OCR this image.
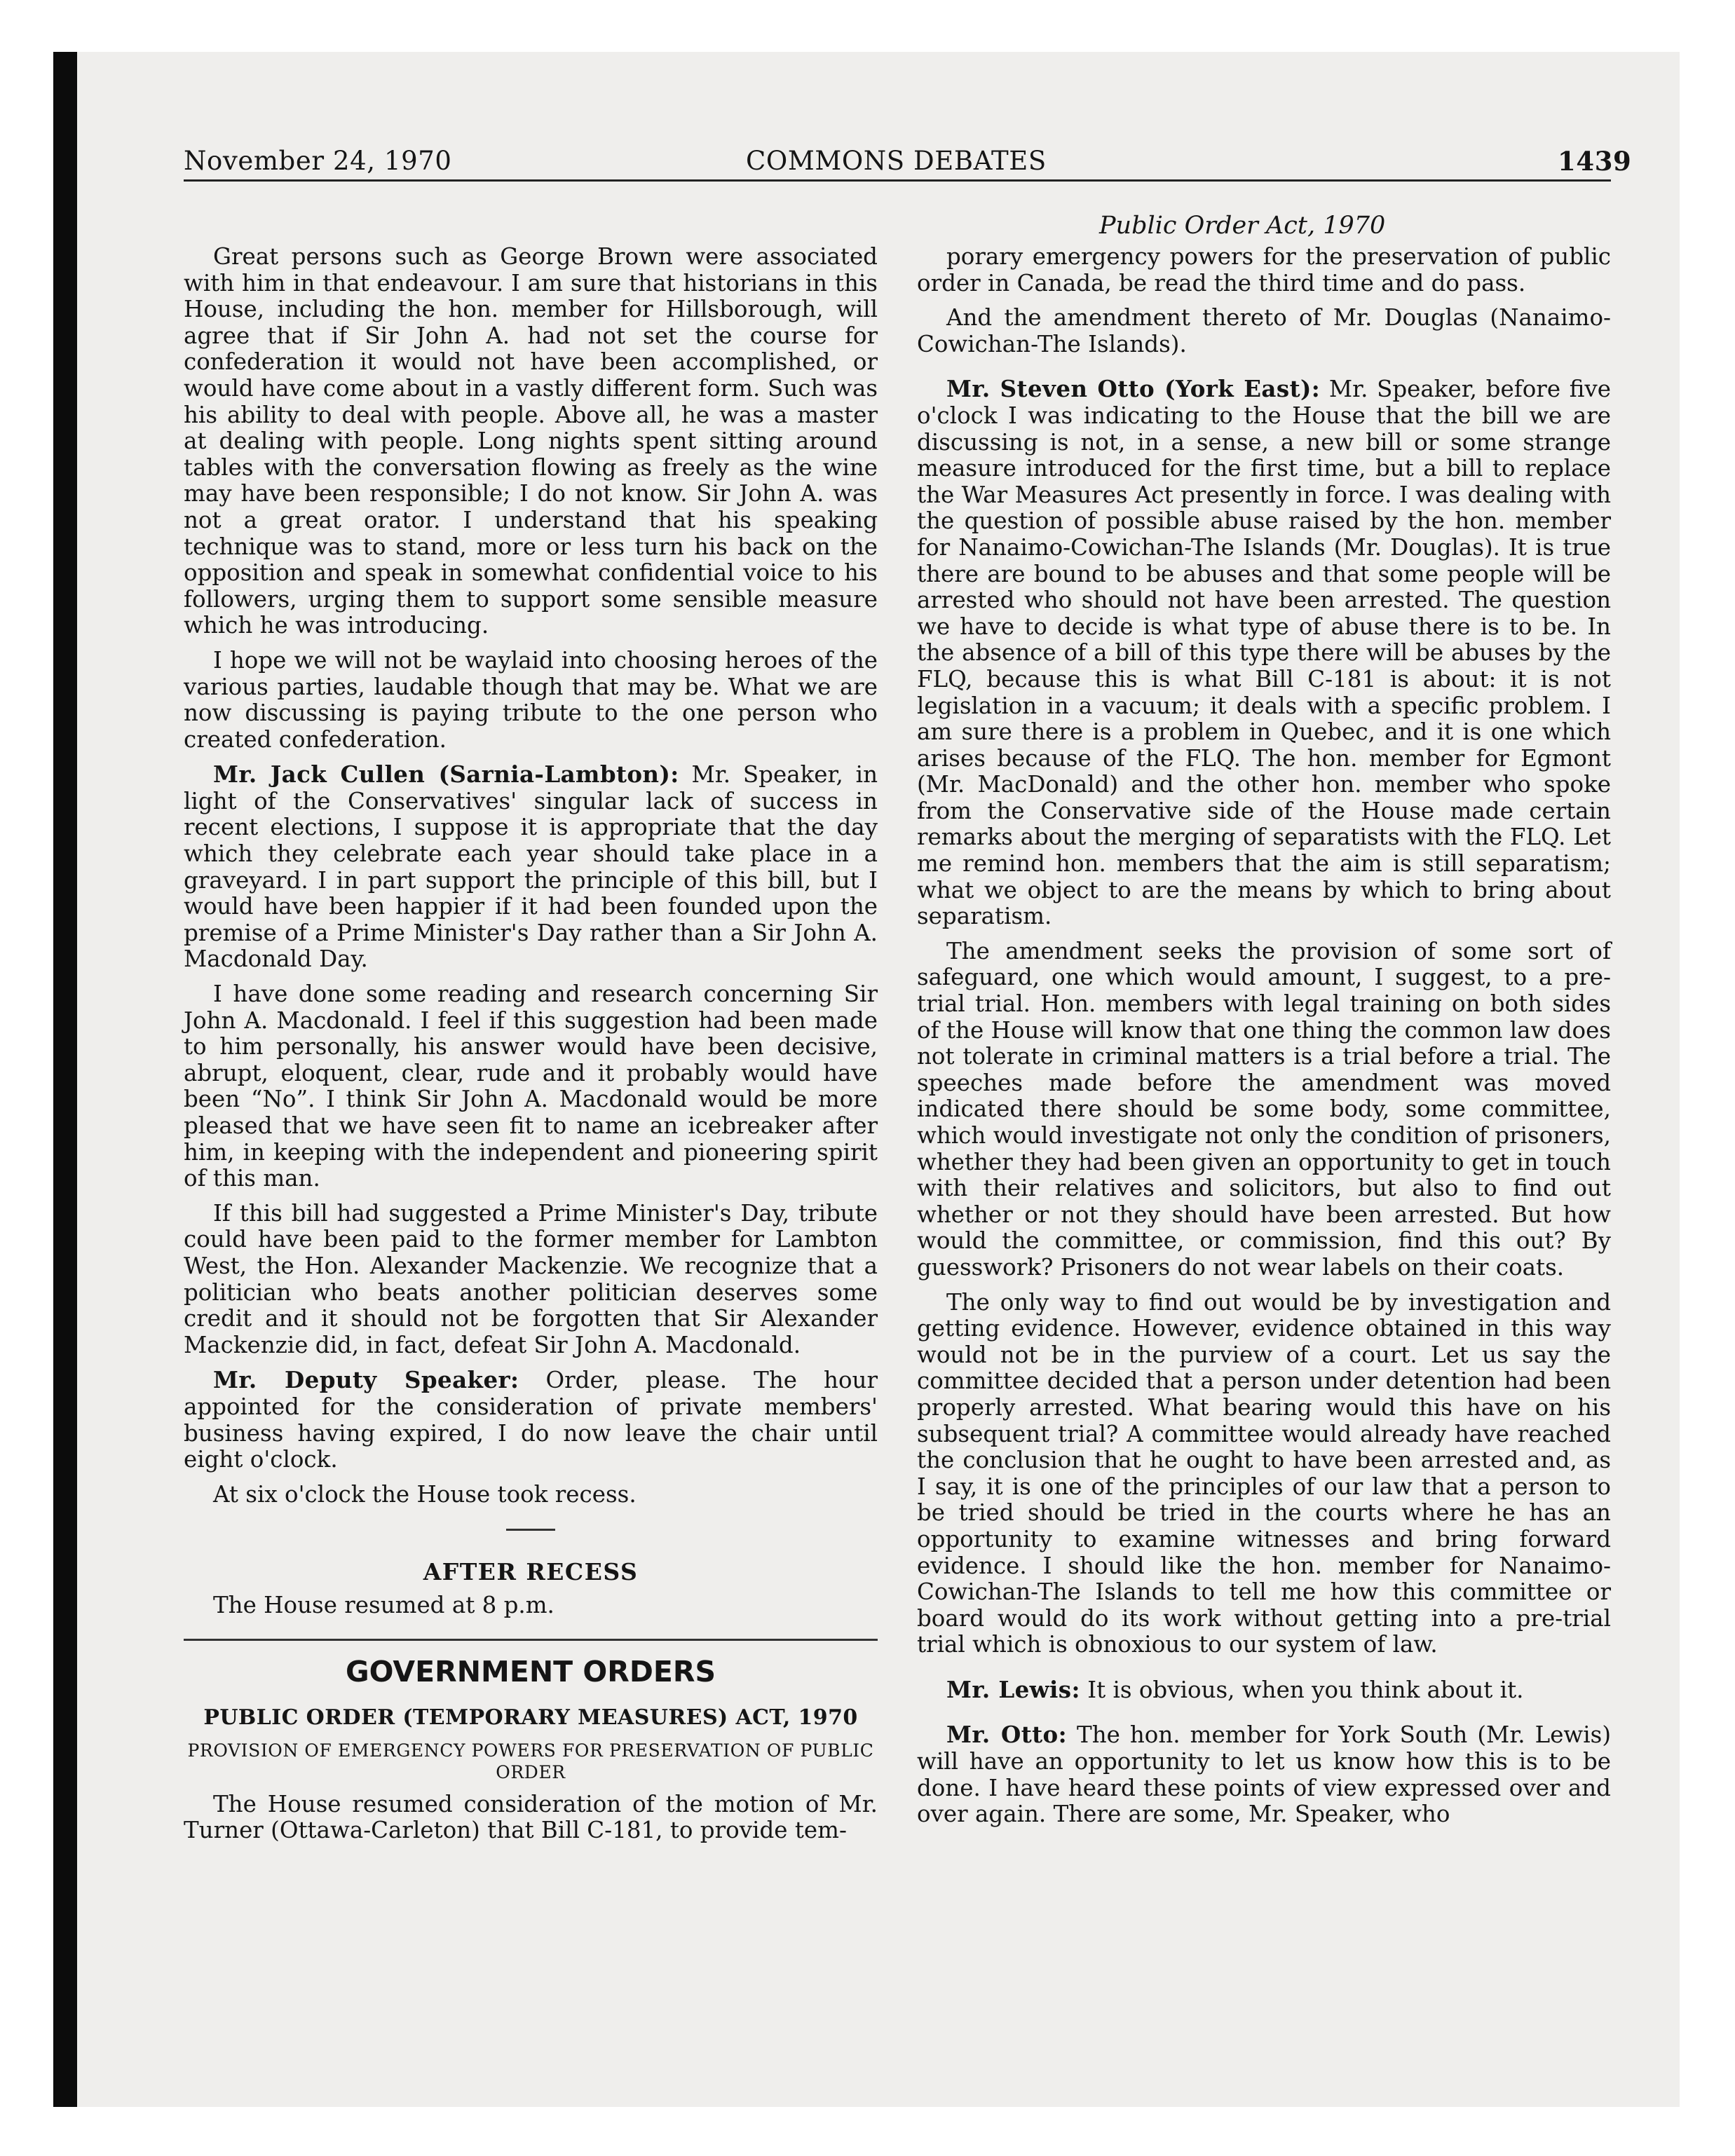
November 24, 1970	COMMONS DEBATES	1439
Public Order Act, 1970

Great persons such as George Brown were associated with him in that endeavour. I am sure that historians in this House, including the hon. member for Hillsborough, will agree that if Sir John A. had not set the course for confederation it would not have been accomplished, or would have come about in a vastly different form. Such was his ability to deal with people. Above all, he was a master at dealing with people. Long nights spent sitting around tables with the conversation flowing as freely as the wine may have been responsible; I do not know. Sir John A. was not a great orator. I understand that his speaking technique was to stand, more or less turn his back on the opposition and speak in somewhat confidential voice to his followers, urging them to support some sensible measure which he was introducing.

I hope we will not be waylaid into choosing heroes of the various parties, laudable though that may be. What we are now discussing is paying tribute to the one person who created confederation.

Mr. Jack Cullen (Sarnia-Lambton): Mr. Speaker, in light of the Conservatives' singular lack of success in recent elections, I suppose it is appropriate that the day which they celebrate each year should take place in a graveyard. I in part support the principle of this bill, but I would have been happier if it had been founded upon the premise of a Prime Minister's Day rather than a Sir John A. Macdonald Day.

I have done some reading and research concerning Sir John A. Macdonald. I feel if this suggestion had been made to him personally, his answer would have been decisive, abrupt, eloquent, clear, rude and it probably would have been “No”. I think Sir John A. Macdonald would be more pleased that we have seen fit to name an icebreaker after him, in keeping with the independent and pioneering spirit of this man.

If this bill had suggested a Prime Minister's Day, tribute could have been paid to the former member for Lambton West, the Hon. Alexander Mackenzie. We recognize that a politician who beats another politician deserves some credit and it should not be forgotten that Sir Alexander Mackenzie did, in fact, defeat Sir John A. Macdonald.

Mr. Deputy Speaker: Order, please. The hour appointed for the consideration of private members' business having expired, I do now leave the chair until eight o'clock.

At six o'clock the House took recess.

AFTER RECESS

The House resumed at 8 p.m.

GOVERNMENT ORDERS
PUBLIC ORDER (TEMPORARY MEASURES) ACT, 1970
PROVISION OF EMERGENCY POWERS FOR PRESERVATION OF PUBLIC ORDER

The House resumed consideration of the motion of Mr. Turner (Ottawa-Carleton) that Bill C-181, to provide tem-

porary emergency powers for the preservation of public order in Canada, be read the third time and do pass.

And the amendment thereto of Mr. Douglas (Nanaimo-Cowichan-The Islands).

Mr. Steven Otto (York East): Mr. Speaker, before five o'clock I was indicating to the House that the bill we are discussing is not, in a sense, a new bill or some strange measure introduced for the first time, but a bill to replace the War Measures Act presently in force. I was dealing with the question of possible abuse raised by the hon. member for Nanaimo-Cowichan-The Islands (Mr. Douglas). It is true there are bound to be abuses and that some people will be arrested who should not have been arrested. The question we have to decide is what type of abuse there is to be. In the absence of a bill of this type there will be abuses by the FLQ, because this is what Bill C-181 is about: it is not legislation in a vacuum; it deals with a specific problem. I am sure there is a problem in Quebec, and it is one which arises because of the FLQ. The hon. member for Egmont (Mr. MacDonald) and the other hon. member who spoke from the Conservative side of the House made certain remarks about the merging of separatists with the FLQ. Let me remind hon. members that the aim is still separatism; what we object to are the means by which to bring about separatism.

The amendment seeks the provision of some sort of safeguard, one which would amount, I suggest, to a pre-trial trial. Hon. members with legal training on both sides of the House will know that one thing the common law does not tolerate in criminal matters is a trial before a trial. The speeches made before the amendment was moved indicated there should be some body, some committee, which would investigate not only the condition of prisoners, whether they had been given an opportunity to get in touch with their relatives and solicitors, but also to find out whether or not they should have been arrested. But how would the committee, or commission, find this out? By guesswork? Prisoners do not wear labels on their coats.

The only way to find out would be by investigation and getting evidence. However, evidence obtained in this way would not be in the purview of a court. Let us say the committee decided that a person under detention had been properly arrested. What bearing would this have on his subsequent trial? A committee would already have reached the conclusion that he ought to have been arrested and, as I say, it is one of the principles of our law that a person to be tried should be tried in the courts where he has an opportunity to examine witnesses and bring forward evidence. I should like the hon. member for Nanaimo-Cowichan-The Islands to tell me how this committee or board would do its work without getting into a pre-trial trial which is obnoxious to our system of law.

Mr. Lewis: It is obvious, when you think about it.

Mr. Otto: The hon. member for York South (Mr. Lewis) will have an opportunity to let us know how this is to be done. I have heard these points of view expressed over and over again. There are some, Mr. Speaker, who
